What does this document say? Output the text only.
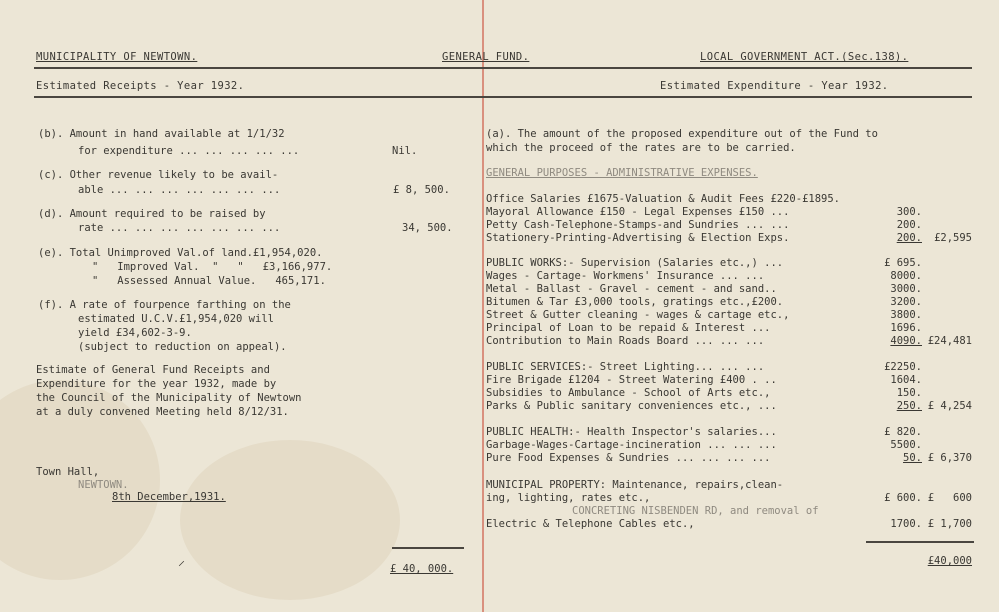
MUNICIPALITY OF NEWTOWN.	GENERAL FUND.	LOCAL GOVERNMENT ACT.(Sec.138).
Estimated Receipts - Year 1932.	Estimated Expenditure - Year 1932.
(b). Amount in hand available at 1/1/32
for expenditure ... ... ... ... ...	Nil.
(c). Other revenue likely to be avail-
able ... ... ... ... ... ... ...	£ 8, 500.
(d). Amount required to be raised by
rate ... ... ... ... ... ... ...	34, 500.
(e). Total Unimproved Val.of land.£1,954,020.
"   Improved Val.  "   "   £3,166,977.
"   Assessed Annual Value.   465,171.
(f). A rate of fourpence farthing on the
estimated U.C.V.£1,954,020 will
yield £34,602-3-9.
(subject to reduction on appeal).
Estimate of General Fund Receipts and
Expenditure for the year 1932, made by
the Council of the Municipality of Newtown
at a duly convened Meeting held 8/12/31.
Town Hall,
NEWTOWN.
8th December,1931.
⸝	£ 40, 000.
(a). The amount of the proposed expenditure out of the Fund to
which the proceed of the rates are to be carried.
GENERAL PURPOSES - ADMINISTRATIVE EXPENSES.
Office Salaries £1675-Valuation & Audit Fees £220-£1895.
Mayoral Allowance £150 - Legal Expenses £150 ...	300.
Petty Cash-Telephone-Stamps-and Sundries ... ...	200.
Stationery-Printing-Advertising & Election Exps.	200.	£2,595
PUBLIC WORKS:- Supervision (Salaries etc.,) ...	£ 695.
Wages - Cartage- Workmens' Insurance ... ...	8000.
Metal - Ballast - Gravel - cement - and sand..	3000.
Bitumen & Tar £3,000 tools, gratings etc.,£200.	3200.
Street & Gutter cleaning - wages & cartage etc.,	3800.
Principal of Loan to be repaid & Interest ...	1696.
Contribution to Main Roads Board ... ... ...	4090. £24,481
PUBLIC SERVICES:- Street Lighting... ... ...	£2250.
Fire Brigade £1204 - Street Watering £400 . ..	1604.
Subsidies to Ambulance - School of Arts etc.,	150.
Parks & Public sanitary conveniences etc., ...	250. £ 4,254
PUBLIC HEALTH:- Health Inspector's salaries...	£ 820.
Garbage-Wages-Cartage-incineration ... ... ...	5500.
Pure Food Expenses & Sundries ... ... ... ...	50. £ 6,370
MUNICIPAL PROPERTY: Maintenance, repairs,clean-
ing, lighting, rates etc.,	£ 600. £   600
CONCRETING NISBENDEN RD, and removal of
Electric & Telephone Cables etc.,	1700. £ 1,700
£40,000
